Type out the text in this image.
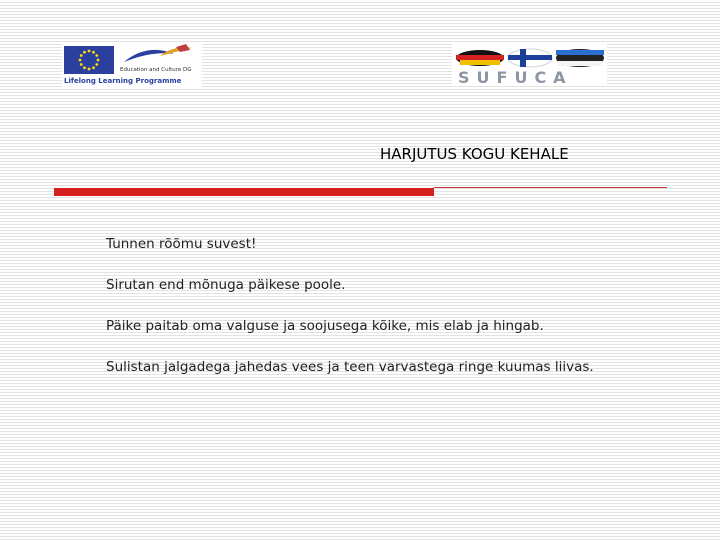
Education and Culture DG
Lifelong Learning Programme	SUFUCA
HARJUTUS KOGU KEHALE
Tunnen rõõmu suvest!
Sirutan end mõnuga päikese poole.
Päike paitab oma valguse ja soojusega kõike, mis elab ja hingab.
Sulistan jalgadega jahedas vees ja teen varvastega ringe kuumas liivas.
